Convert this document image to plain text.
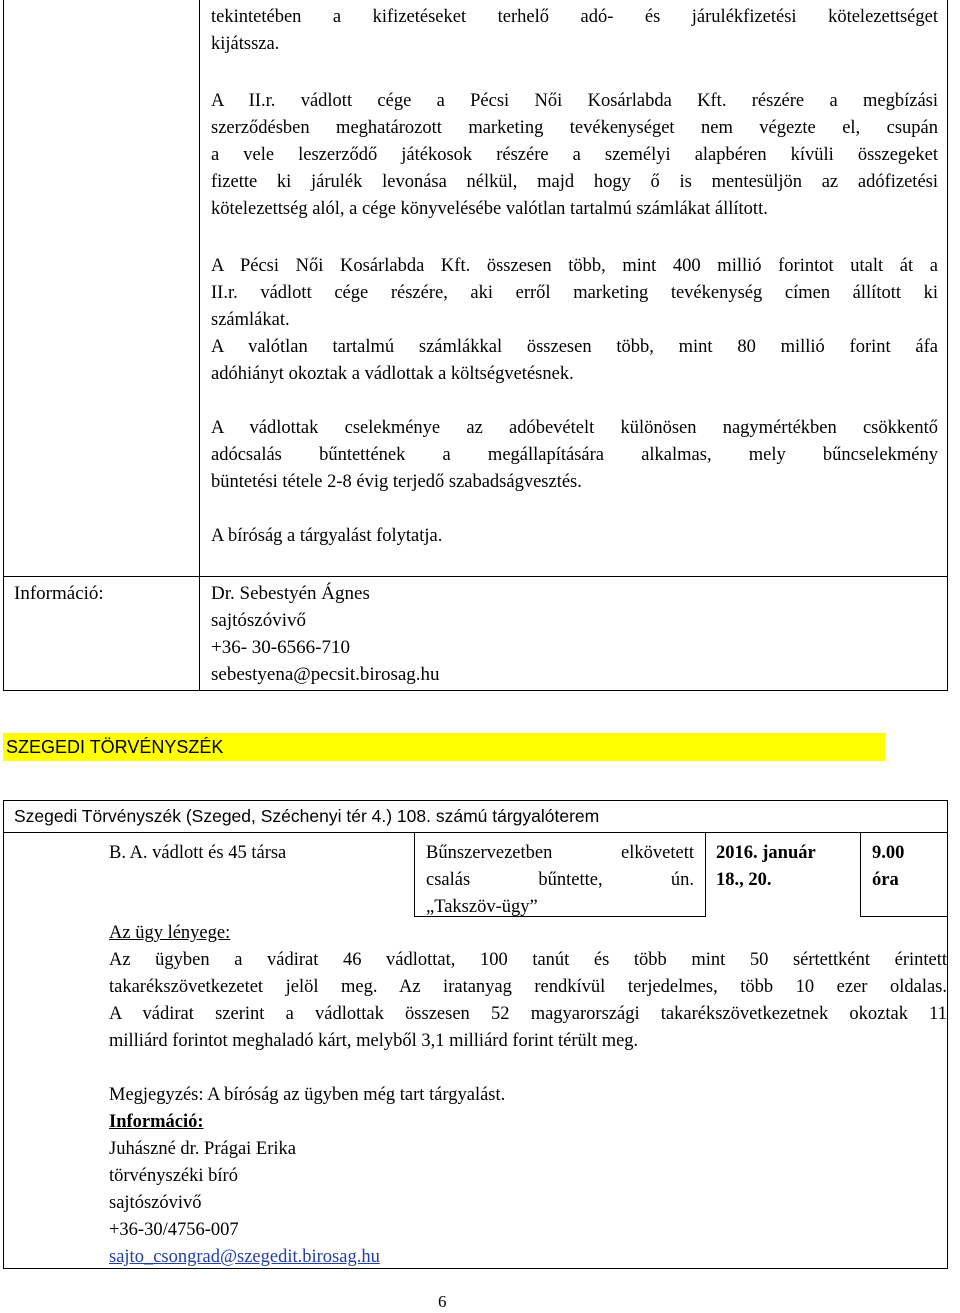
tekintetében a kifizetéseket terhelő adó- és járulékfizetési kötelezettséget

kijátssza.

A II.r. vádlott cége a Pécsi Női Kosárlabda Kft. részére a megbízási

szerződésben meghatározott marketing tevékenységet nem végezte el, csupán

a vele leszerződő játékosok részére a személyi alapbéren kívüli összegeket

fizette ki járulék levonása nélkül, majd hogy ő is mentesüljön az adófizetési

kötelezettség alól, a cége könyvelésébe valótlan tartalmú számlákat állított.

A Pécsi Női Kosárlabda Kft. összesen több, mint 400 millió forintot utalt át a

II.r. vádlott cége részére, aki erről marketing tevékenység címen állított ki

számlákat.

A valótlan tartalmú számlákkal összesen több, mint 80 millió forint áfa

adóhiányt okoztak a vádlottak a költségvetésnek.

A vádlottak cselekménye az adóbevételt különösen nagymértékben csökkentő

adócsalás bűntettének a megállapítására alkalmas, mely bűncselekmény

büntetési tétele 2-8 évig terjedő szabadságvesztés.

A bíróság a tárgyalást folytatja.

Információ:	Dr. Sebestyén Ágnes

sajtószóvivő

+36- 30-6566-710

sebestyena@pecsit.birosag.hu

SZEGEDI TÖRVÉNYSZÉK
Szegedi Törvényszék (Szeged, Széchenyi tér 4.) 108. számú tárgyalóterem
B. A. vádlott és 45 társa	Bűnszervezetben elkövetett

csalás bűntette, ún.

„Takszöv-ügy”

2016. január

18., 20.

9.00

óra

Az ügy lényege:

Az ügyben a vádirat 46 vádlottat, 100 tanút és több mint 50 sértettként érintett

takarékszövetkezetet jelöl meg. Az iratanyag rendkívül terjedelmes, több 10 ezer oldalas.

A vádirat szerint a vádlottak összesen 52 magyarországi takarékszövetkezetnek okoztak 11

milliárd forintot meghaladó kárt, melyből 3,1 milliárd forint térült meg.

Megjegyzés: A bíróság az ügyben még tart tárgyalást.

Információ:

Juhászné dr. Prágai Erika

törvényszéki bíró

sajtószóvivő

+36-30/4756-007

sajto_csongrad@szegedit.birosag.hu

6
